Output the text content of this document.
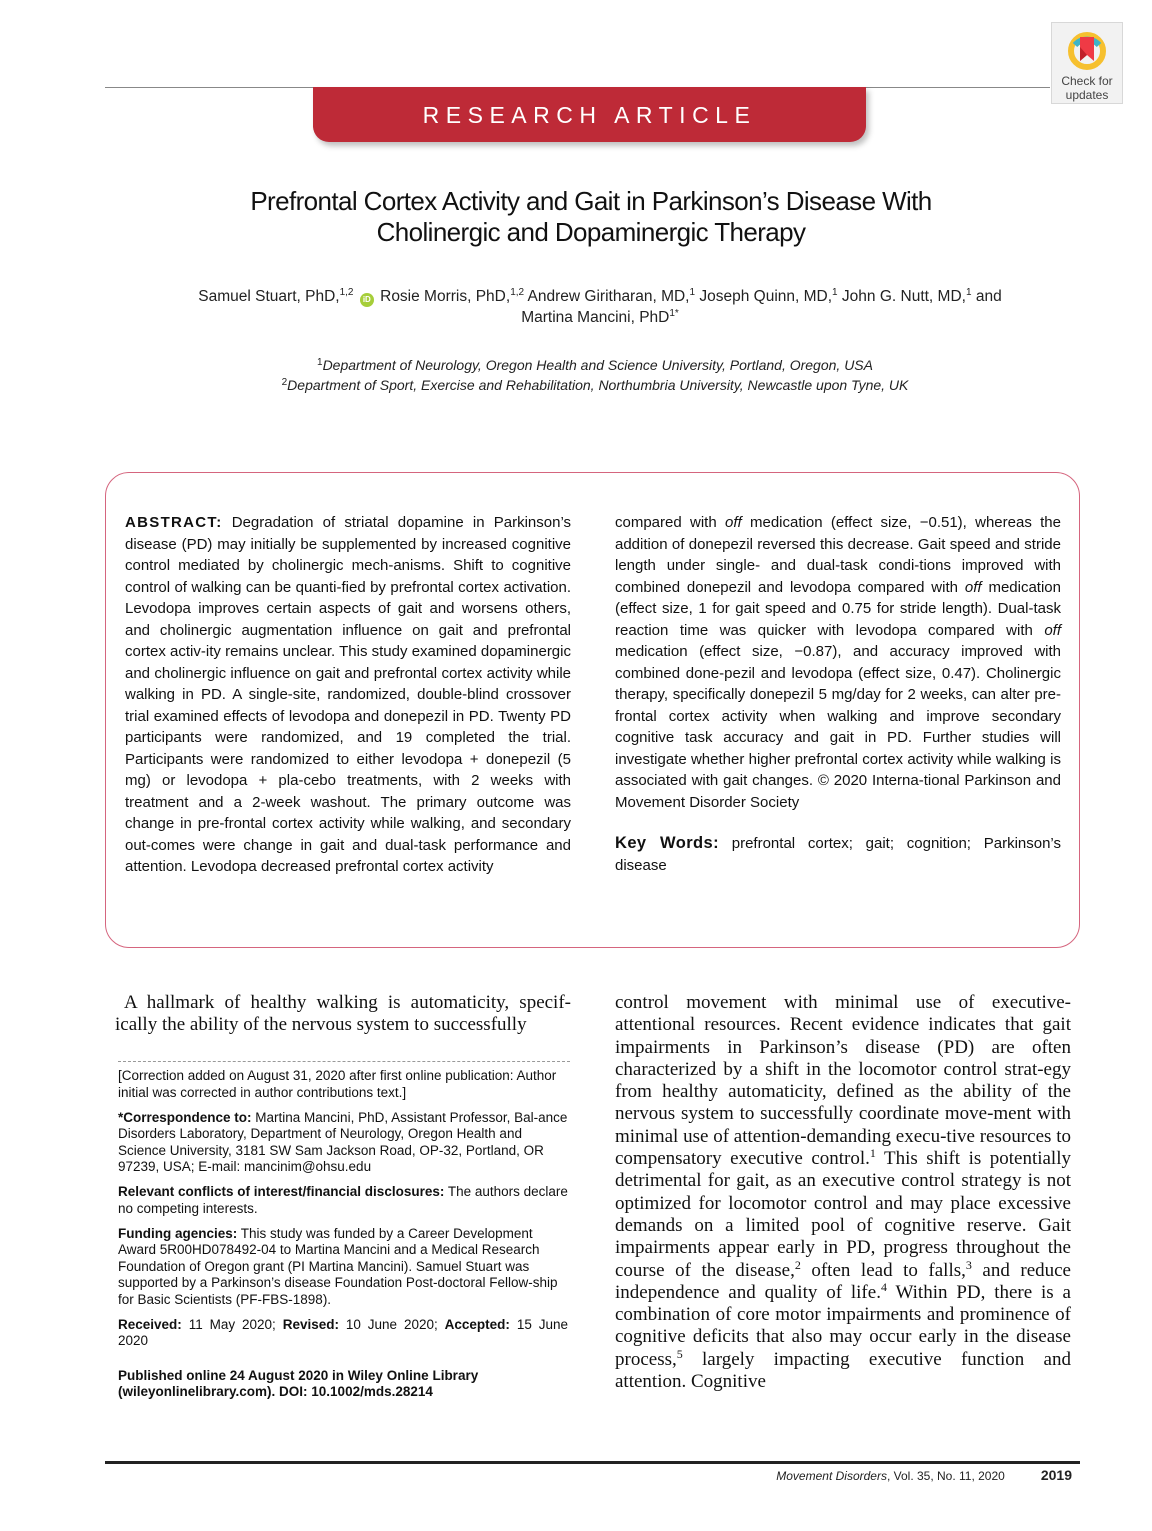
Check for
updates
RESEARCH ARTICLE
Prefrontal Cortex Activity and Gait in Parkinson’s Disease With
Cholinergic and Dopaminergic Therapy
Samuel Stuart, PhD,$^{1,2}$ iD Rosie Morris, PhD,$^{1,2}$ Andrew Giritharan, MD,$^1$ Joseph Quinn, MD,$^1$ John G. Nutt, MD,$^1$ and
Martina Mancini, PhD$^{1*}$
$^1$Department of Neurology, Oregon Health and Science University, Portland, Oregon, USA
$^2$Department of Sport, Exercise and Rehabilitation, Northumbria University, Newcastle upon Tyne, UK
ABSTRACT: Degradation of striatal dopamine in Parkinson’s disease (PD) may initially be supplemented by increased cognitive control mediated by cholinergic mech-anisms. Shift to cognitive control of walking can be quanti-fied by prefrontal cortex activation. Levodopa improves certain aspects of gait and worsens others, and cholinergic augmentation influence on gait and prefrontal cortex activ-ity remains unclear. This study examined dopaminergic and cholinergic influence on gait and prefrontal cortex activity while walking in PD. A single-site, randomized, double-blind crossover trial examined effects of levodopa and donepezil in PD. Twenty PD participants were randomized, and 19 completed the trial. Participants were randomized to either levodopa + donepezil (5 mg) or levodopa + pla-cebo treatments, with 2 weeks with treatment and a 2-week washout. The primary outcome was change in pre-frontal cortex activity while walking, and secondary out-comes were change in gait and dual-task performance and attention. Levodopa decreased prefrontal cortex activity
compared with off medication (effect size, −0.51), whereas the addition of donepezil reversed this decrease. Gait speed and stride length under single- and dual-task condi-tions improved with combined donepezil and levodopa compared with off medication (effect size, 1 for gait speed and 0.75 for stride length). Dual-task reaction time was quicker with levodopa compared with off medication (effect size, −0.87), and accuracy improved with combined done-pezil and levodopa (effect size, 0.47). Cholinergic therapy, specifically donepezil 5 mg/day for 2 weeks, can alter pre-frontal cortex activity when walking and improve secondary cognitive task accuracy and gait in PD. Further studies will investigate whether higher prefrontal cortex activity while walking is associated with gait changes. © 2020 Interna-tional Parkinson and Movement Disorder Society
Key Words: prefrontal cortex; gait; cognition; Parkinson’s disease
A hallmark of healthy walking is automaticity, specif-ically the ability of the nervous system to successfully

[Correction added on August 31, 2020 after first online publication: Author initial was corrected in author contributions text.]

*Correspondence to: Martina Mancini, PhD, Assistant Professor, Bal-ance Disorders Laboratory, Department of Neurology, Oregon Health and Science University, 3181 SW Sam Jackson Road, OP-32, Portland, OR 97239, USA; E-mail: mancinim@ohsu.edu

Relevant conflicts of interest/financial disclosures: The authors declare no competing interests.

Funding agencies: This study was funded by a Career Development Award 5R00HD078492-04 to Martina Mancini and a Medical Research Foundation of Oregon grant (PI Martina Mancini). Samuel Stuart was supported by a Parkinson’s disease Foundation Post-doctoral Fellow-ship for Basic Scientists (PF-FBS-1898).

Received: 11 May 2020; Revised: 10 June 2020; Accepted: 15 June 2020

Published online 24 August 2020 in Wiley Online Library (wileyonlinelibrary.com). DOI: 10.1002/mds.28214

control movement with minimal use of executive-attentional resources. Recent evidence indicates that gait impairments in Parkinson’s disease (PD) are often characterized by a shift in the locomotor control strat-egy from healthy automaticity, defined as the ability of the nervous system to successfully coordinate move-ment with minimal use of attention-demanding execu-tive resources to compensatory executive control.$^1$ This shift is potentially detrimental for gait, as an executive control strategy is not optimized for locomotor control and may place excessive demands on a limited pool of cognitive reserve. Gait impairments appear early in PD, progress throughout the course of the disease,$^2$ often lead to falls,$^3$ and reduce independence and quality of life.$^4$ Within PD, there is a combination of core motor impairments and prominence of cognitive deficits that also may occur early in the disease process,$^5$ largely impacting executive function and attention. Cognitive
Movement Disorders, Vol. 35, No. 11, 2020	2019
